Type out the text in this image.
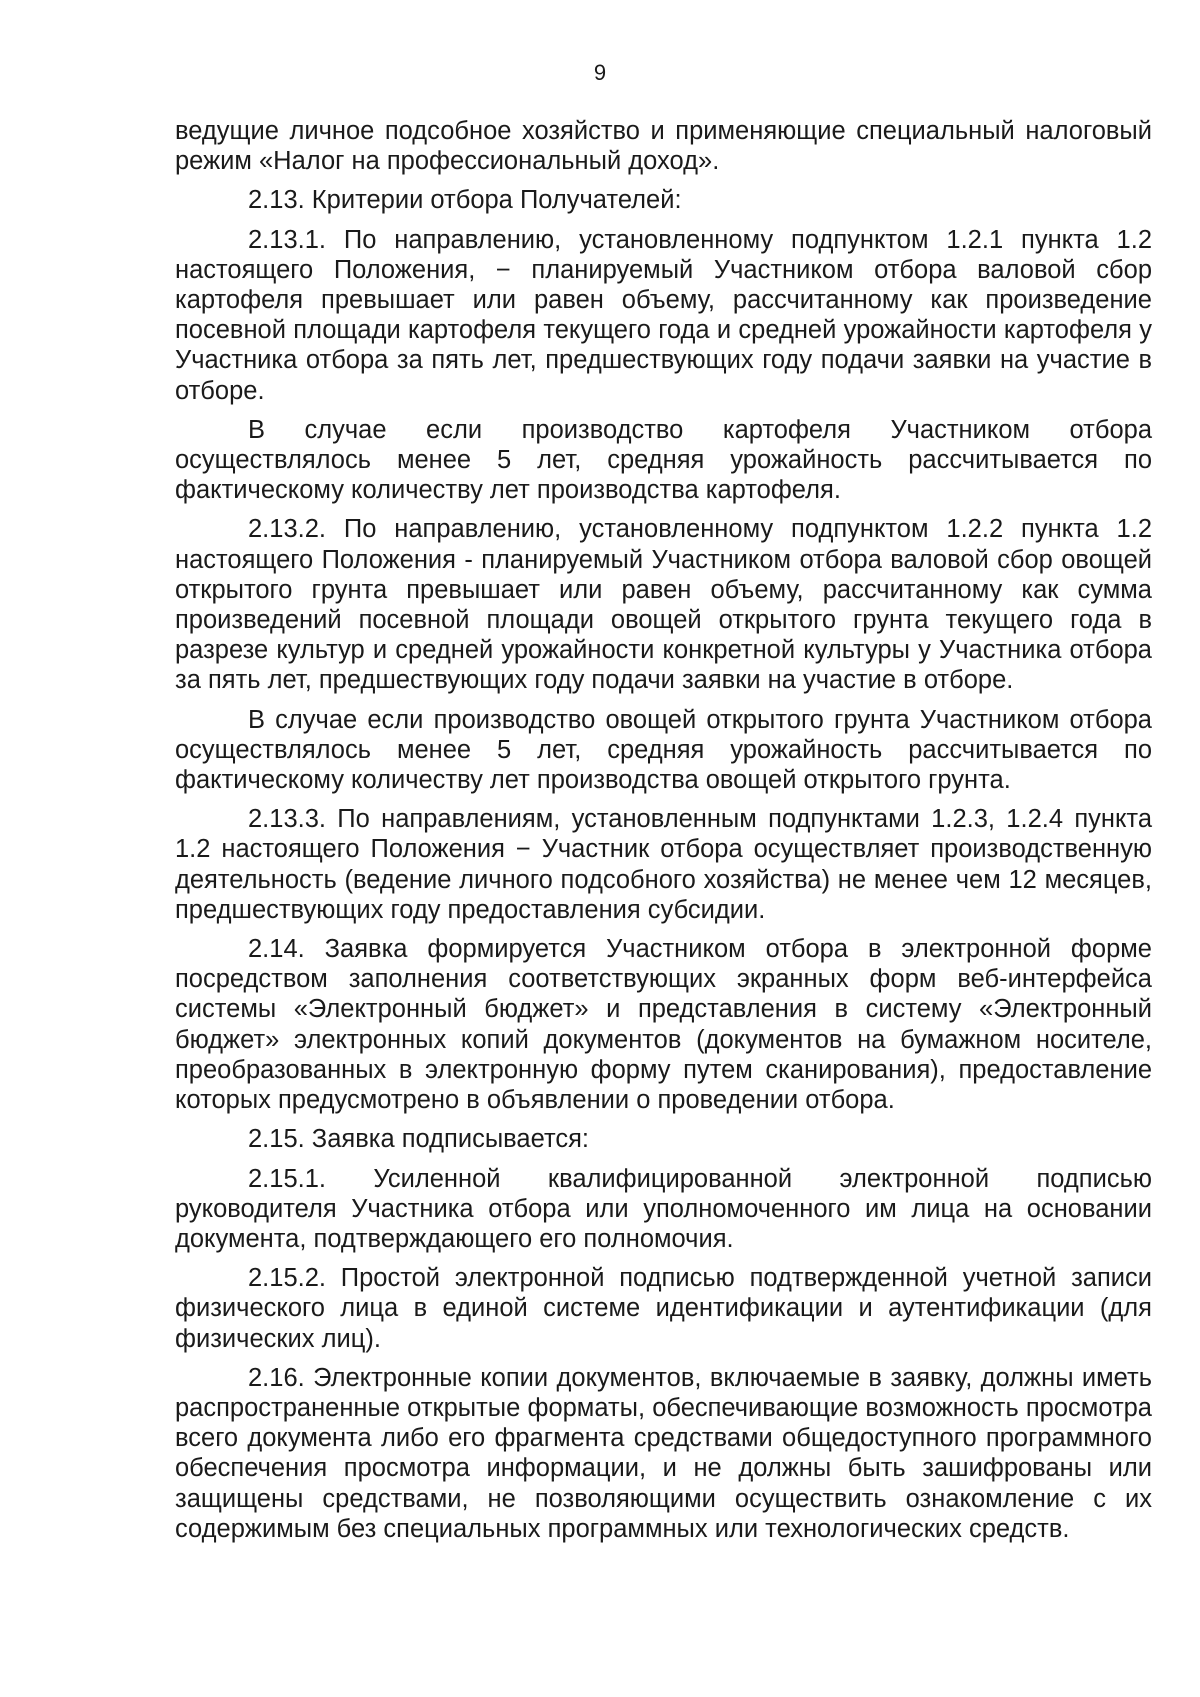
9

ведущие личное подсобное хозяйство и применяющие специальный налоговый режим «Налог на профессиональный доход».

2.13. Критерии отбора Получателей:

2.13.1. По направлению, установленному подпунктом 1.2.1 пункта 1.2 настоящего Положения, − планируемый Участником отбора валовой сбор картофеля превышает или равен объему, рассчитанному как произведение посевной площади картофеля текущего года и средней урожайности картофеля у Участника отбора за пять лет, предшествующих году подачи заявки на участие в отборе.

В случае если производство картофеля Участником отбора осуществлялось менее 5 лет, средняя урожайность рассчитывается по фактическому количеству лет производства картофеля.

2.13.2. По направлению, установленному подпунктом 1.2.2 пункта 1.2 настоящего Положения - планируемый Участником отбора валовой сбор овощей открытого грунта превышает или равен объему, рассчитанному как сумма произведений посевной площади овощей открытого грунта текущего года в разрезе культур и средней урожайности конкретной культуры у Участника отбора за пять лет, предшествующих году подачи заявки на участие в отборе.

В случае если производство овощей открытого грунта Участником отбора осуществлялось менее 5 лет, средняя урожайность рассчитывается по фактическому количеству лет производства овощей открытого грунта.

2.13.3. По направлениям, установленным подпунктами 1.2.3, 1.2.4 пункта 1.2 настоящего Положения − Участник отбора осуществляет производственную деятельность (ведение личного подсобного хозяйства) не менее чем 12 месяцев, предшествующих году предоставления субсидии.

2.14. Заявка формируется Участником отбора в электронной форме посредством заполнения соответствующих экранных форм веб-интерфейса системы «Электронный бюджет» и представления в систему «Электронный бюджет» электронных копий документов (документов на бумажном носителе, преобразованных в электронную форму путем сканирования), предоставление которых предусмотрено в объявлении о проведении отбора.

2.15. Заявка подписывается:

2.15.1. Усиленной квалифицированной электронной подписью руководителя Участника отбора или уполномоченного им лица на основании документа, подтверждающего его полномочия.

2.15.2. Простой электронной подписью подтвержденной учетной записи физического лица в единой системе идентификации и аутентификации (для физических лиц).

2.16. Электронные копии документов, включаемые в заявку, должны иметь распространенные открытые форматы, обеспечивающие возможность просмотра всего документа либо его фрагмента средствами общедоступного программного обеспечения просмотра информации, и не должны быть зашифрованы или защищены средствами, не позволяющими осуществить ознакомление с их содержимым без специальных программных или технологических средств.
